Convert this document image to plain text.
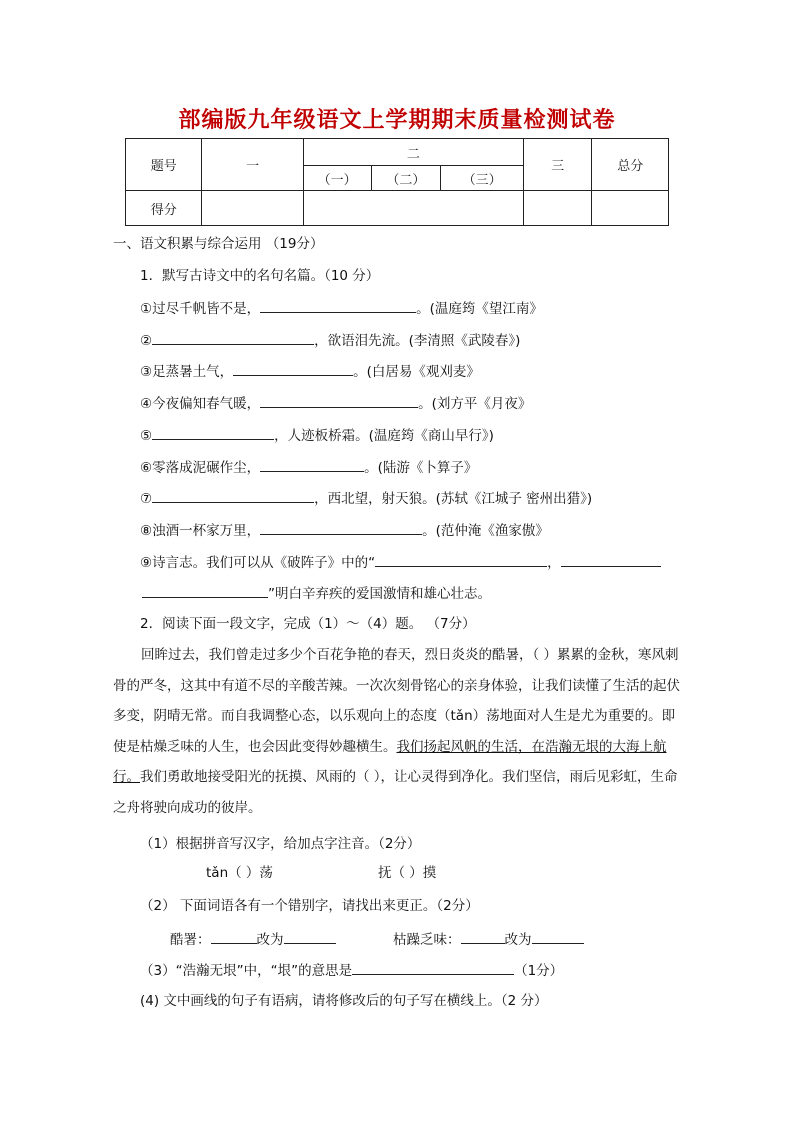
部编版九年级语文上学期期末质量检测试卷
题号	一	二			三	总分
		（一）	（二）	（三）		
得分						
一、语文积累与综合运用 （19分）
1．默写古诗文中的名句名篇。（10 分）
①过尽千帆皆不是，	。(温庭筠《望江南》
②	，欲语泪先流。(李清照《武陵春》)
③足蒸暑土气，	。(白居易《观刈麦》
④今夜偏知春气暖，	。(刘方平《月夜》
⑤	，人迹板桥霜。(温庭筠《商山早行》)
⑥零落成泥碾作尘，	。(陆游《卜算子》
⑦	，西北望，射天狼。(苏轼《江城子 密州出猎》)
⑧浊酒一杯家万里，	。(范仲淹《渔家傲》
⑨诗言志。我们可以从《破阵子》中的“	，
”明白辛弃疾的爱国激情和雄心壮志。
2．阅读下面一段文字，完成（1）～（4）题。 （7分）
回眸过去，我们曾走过多少个百花争艳的春天，烈日炎炎的酷暑，（ ）累累的金秋，寒风刺骨的严冬，这其中有道不尽的辛酸苦辣。一次次刻骨铭心的亲身体验，让我们读懂了生活的起伏多变，阴晴无常。而自我调整心态，以乐观向上的态度（tǎn）荡地面对人生是尤为重要的。即使是枯燥乏味的人生，也会因此变得妙趣横生。我们扬起风帆的生活，在浩瀚无垠的大海上航行。我们勇敢地接受阳光的抚摸、风雨的（ ），让心灵得到净化。我们坚信，雨后见彩虹，生命之舟将驶向成功的彼岸。
（1）根据拼音写汉字，给加点字注音。（2分）
tǎn（ ）荡	抚（ ）摸
（2） 下面词语各有一个错别字，请找出来更正。（2分）
酷署：	改为	枯躁乏味：	改为
（3）“浩瀚无垠”中，“垠”的意思是	（1分）
(4) 文中画线的句子有语病，请将修改后的句子写在横线上。（2 分）
